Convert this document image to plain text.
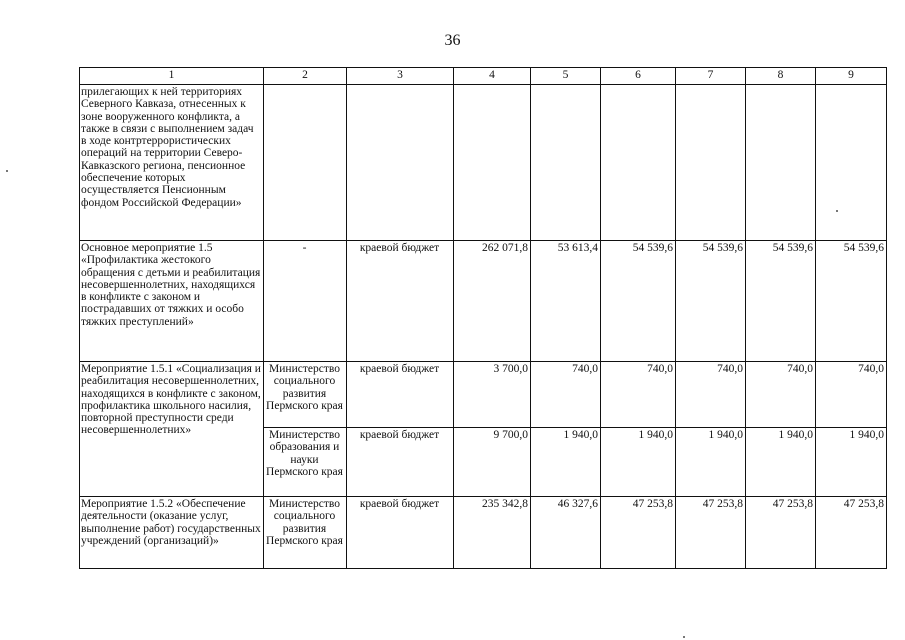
36
1	2	3	4	5	6	7	8	9
прилегающих к ней территориях Северного Кавказа, отнесенных к зоне вооруженного конфликта, а также в связи с выполнением задач в ходе контртеррористических операций на территории Северо-Кавказского региона, пенсионное обеспечение которых осуществляется Пенсионным фондом Российской Федерации»								
Основное мероприятие 1.5 «Профилактика жестокого обращения с детьми и реабилитация несовершеннолетних, находящихся в конфликте с законом и пострадавших от тяжких и особо тяжких преступлений»	-	краевой бюджет	262 071,8	53 613,4	54 539,6	54 539,6	54 539,6	54 539,6
Мероприятие 1.5.1 «Социализация и реабилитация несовершеннолетних, находящихся в конфликте с законом, профилактика школьного насилия, повторной преступности среди несовершеннолетних»	Министерство социального развития Пермского края	краевой бюджет	3 700,0	740,0	740,0	740,0	740,0	740,0
	Министерство образования и науки Пермского края	краевой бюджет	9 700,0	1 940,0	1 940,0	1 940,0	1 940,0	1 940,0
Мероприятие 1.5.2 «Обеспечение деятельности (оказание услуг, выполнение работ) государственных учреждений (организаций)»	Министерство социального развития Пермского края	краевой бюджет	235 342,8	46 327,6	47 253,8	47 253,8	47 253,8	47 253,8
